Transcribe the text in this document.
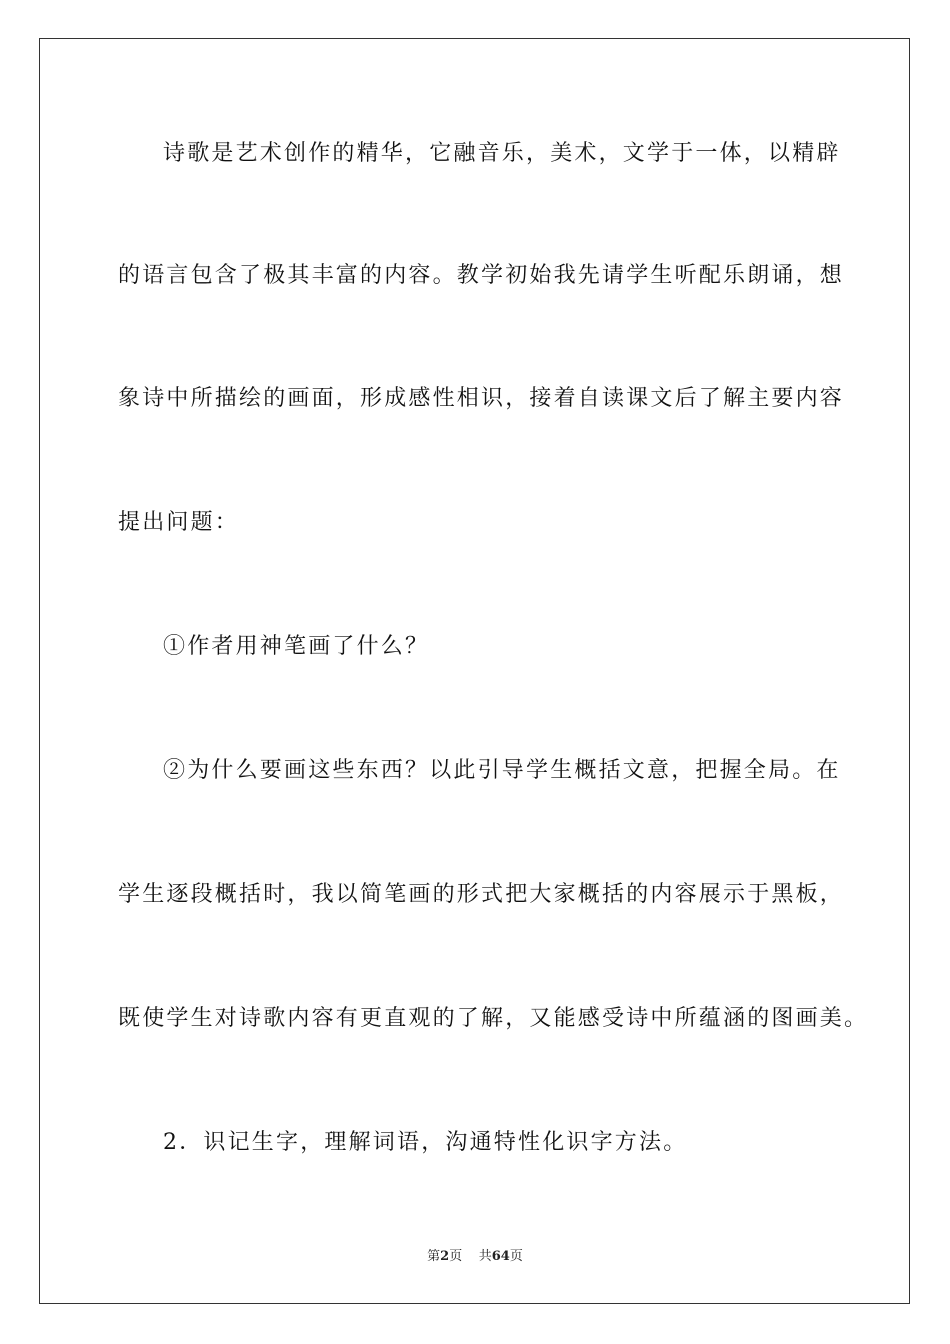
诗歌是艺术创作的精华，它融音乐，美术，文学于一体，以精辟
的语言包含了极其丰富的内容。教学初始我先请学生听配乐朗诵，想
象诗中所描绘的画面，形成感性相识，接着自读课文后了解主要内容
提出问题：
①作者用神笔画了什么？
②为什么要画这些东西？以此引导学生概括文意，把握全局。在
学生逐段概括时，我以简笔画的形式把大家概括的内容展示于黑板，
既使学生对诗歌内容有更直观的了解，又能感受诗中所蕴涵的图画美。
2．识记生字，理解词语，沟通特性化识字方法。
第2页 共64页
